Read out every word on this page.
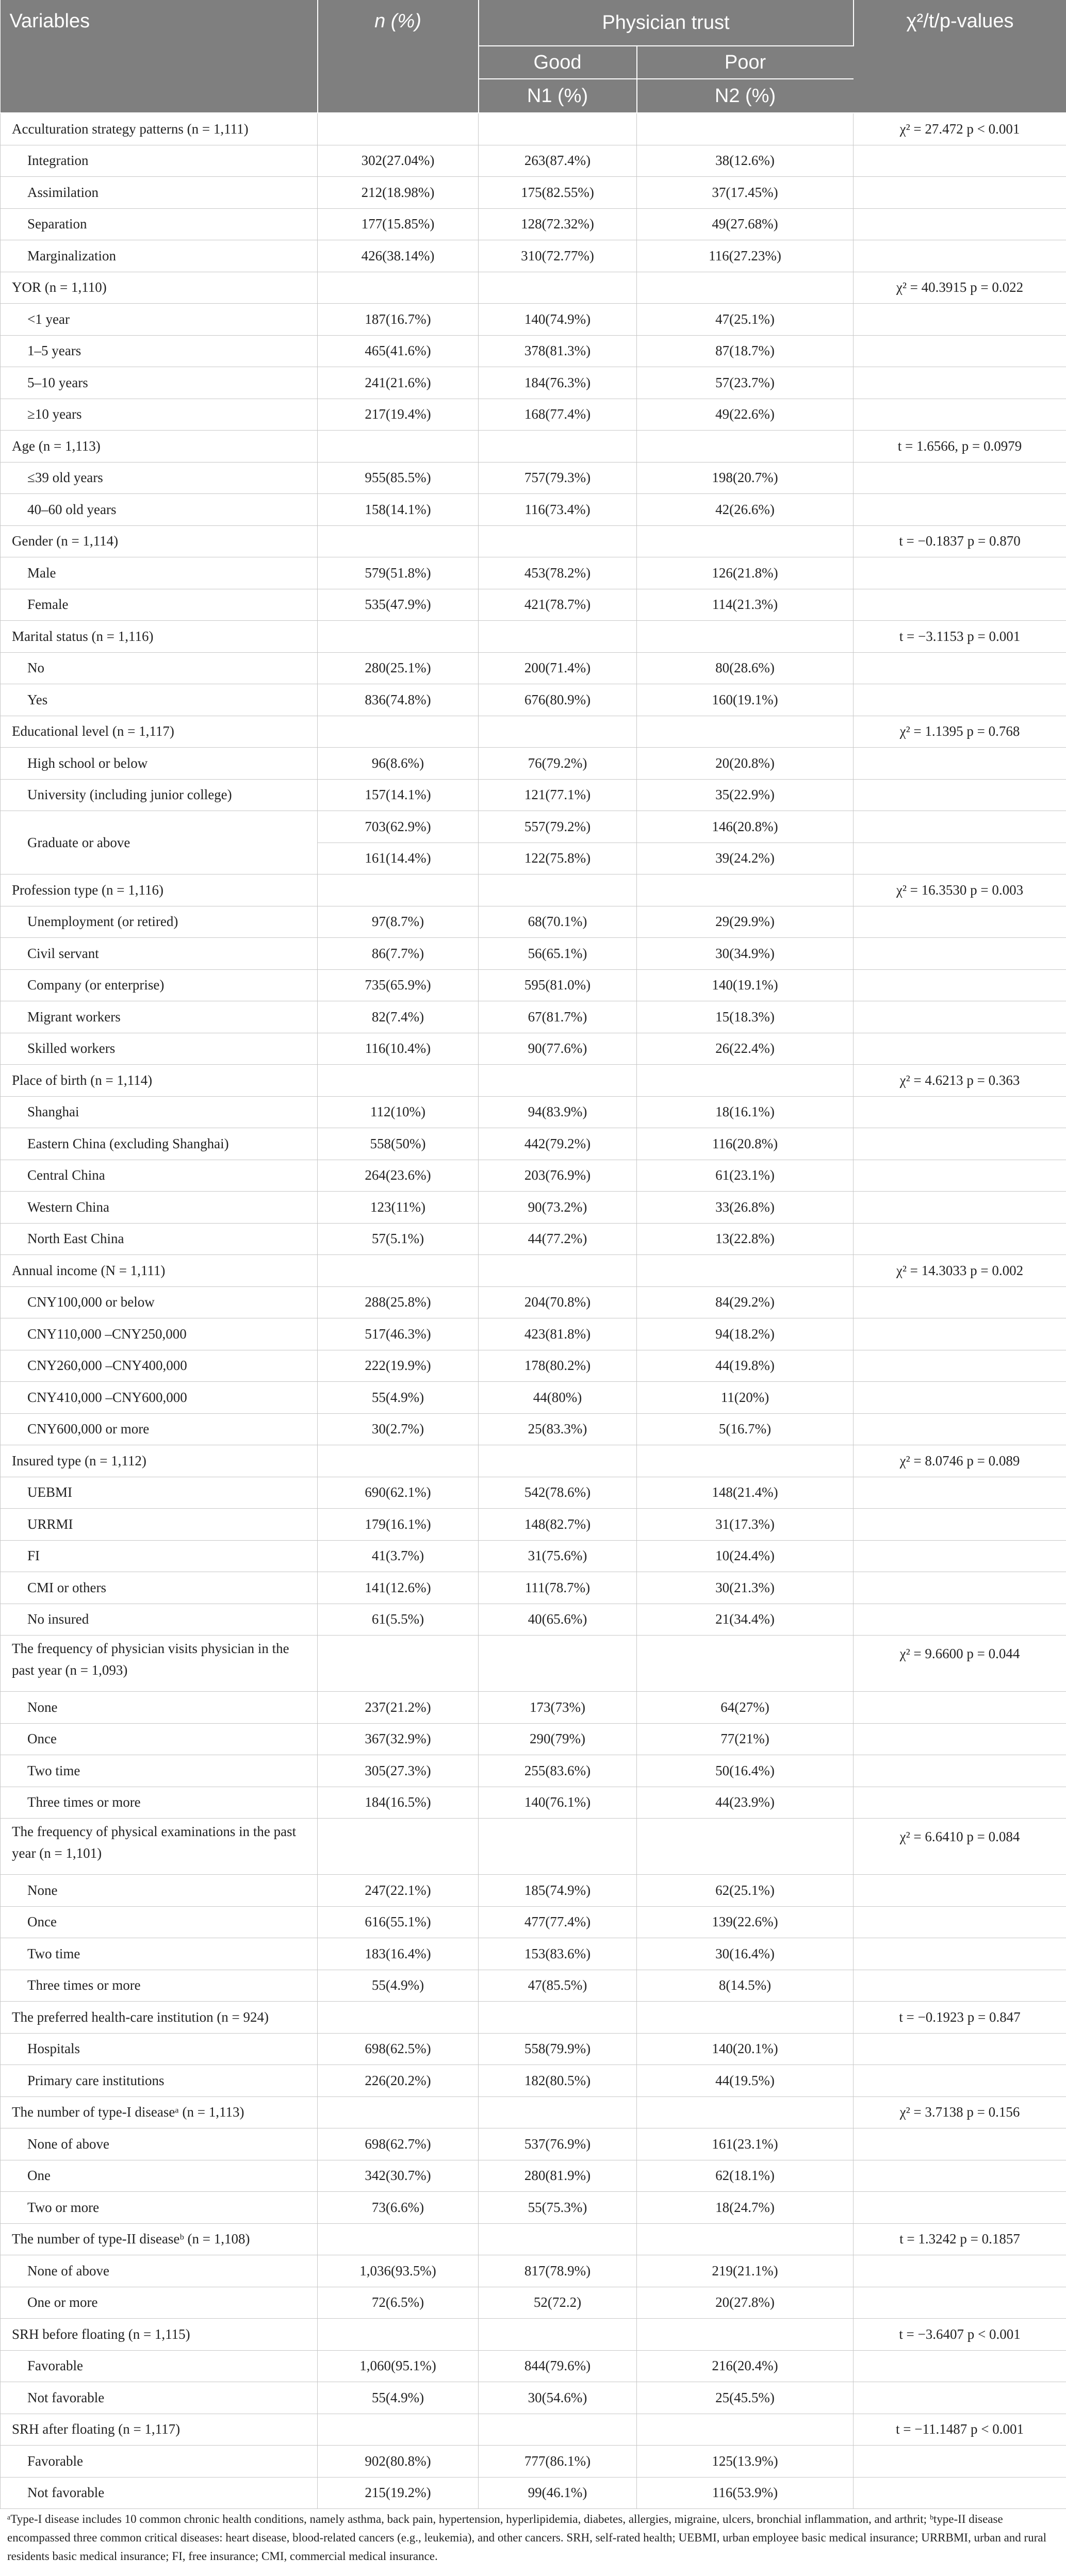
Variables	n (%)	Physician trust		χ²/t/p-values
		Good	Poor	
		N1 (%)	N2 (%)	
Acculturation strategy patterns (n = 1,111)				χ² = 27.472 p < 0.001
Integration	302(27.04%)	263(87.4%)	38(12.6%)	
Assimilation	212(18.98%)	175(82.55%)	37(17.45%)	
Separation	177(15.85%)	128(72.32%)	49(27.68%)	
Marginalization	426(38.14%)	310(72.77%)	116(27.23%)	
YOR (n = 1,110)				χ² = 40.3915 p = 0.022
<1 year	187(16.7%)	140(74.9%)	47(25.1%)	
1–5 years	465(41.6%)	378(81.3%)	87(18.7%)	
5–10 years	241(21.6%)	184(76.3%)	57(23.7%)	
≥10 years	217(19.4%)	168(77.4%)	49(22.6%)	
Age (n = 1,113)				t = 1.6566, p = 0.0979
≤39 old years	955(85.5%)	757(79.3%)	198(20.7%)	
40–60 old years	158(14.1%)	116(73.4%)	42(26.6%)	
Gender (n = 1,114)				t = −0.1837 p = 0.870
Male	579(51.8%)	453(78.2%)	126(21.8%)	
Female	535(47.9%)	421(78.7%)	114(21.3%)	
Marital status (n = 1,116)				t = −3.1153 p = 0.001
No	280(25.1%)	200(71.4%)	80(28.6%)	
Yes	836(74.8%)	676(80.9%)	160(19.1%)	
Educational level (n = 1,117)				χ² = 1.1395 p = 0.768
High school or below	96(8.6%)	76(79.2%)	20(20.8%)	
University (including junior college)	157(14.1%)	121(77.1%)	35(22.9%)	
Graduate or above	703(62.9%)	557(79.2%)	146(20.8%)	
	161(14.4%)	122(75.8%)	39(24.2%)	
Profession type (n = 1,116)				χ² = 16.3530 p = 0.003
Unemployment (or retired)	97(8.7%)	68(70.1%)	29(29.9%)	
Civil servant	86(7.7%)	56(65.1%)	30(34.9%)	
Company (or enterprise)	735(65.9%)	595(81.0%)	140(19.1%)	
Migrant workers	82(7.4%)	67(81.7%)	15(18.3%)	
Skilled workers	116(10.4%)	90(77.6%)	26(22.4%)	
Place of birth (n = 1,114)				χ² = 4.6213 p = 0.363
Shanghai	112(10%)	94(83.9%)	18(16.1%)	
Eastern China (excluding Shanghai)	558(50%)	442(79.2%)	116(20.8%)	
Central China	264(23.6%)	203(76.9%)	61(23.1%)	
Western China	123(11%)	90(73.2%)	33(26.8%)	
North East China	57(5.1%)	44(77.2%)	13(22.8%)	
Annual income (N = 1,111)				χ² = 14.3033 p = 0.002
CNY100,000 or below	288(25.8%)	204(70.8%)	84(29.2%)	
CNY110,000 –CNY250,000	517(46.3%)	423(81.8%)	94(18.2%)	
CNY260,000 –CNY400,000	222(19.9%)	178(80.2%)	44(19.8%)	
CNY410,000 –CNY600,000	55(4.9%)	44(80%)	11(20%)	
CNY600,000 or more	30(2.7%)	25(83.3%)	5(16.7%)	
Insured type (n = 1,112)				χ² = 8.0746 p = 0.089
UEBMI	690(62.1%)	542(78.6%)	148(21.4%)	
URRMI	179(16.1%)	148(82.7%)	31(17.3%)	
FI	41(3.7%)	31(75.6%)	10(24.4%)	
CMI or others	141(12.6%)	111(78.7%)	30(21.3%)	
No insured	61(5.5%)	40(65.6%)	21(34.4%)	
The frequency of physician visits physician in the past year (n = 1,093)				χ² = 9.6600 p = 0.044
None	237(21.2%)	173(73%)	64(27%)	
Once	367(32.9%)	290(79%)	77(21%)	
Two time	305(27.3%)	255(83.6%)	50(16.4%)	
Three times or more	184(16.5%)	140(76.1%)	44(23.9%)	
The frequency of physical examinations in the past year (n = 1,101)				χ² = 6.6410 p = 0.084
None	247(22.1%)	185(74.9%)	62(25.1%)	
Once	616(55.1%)	477(77.4%)	139(22.6%)	
Two time	183(16.4%)	153(83.6%)	30(16.4%)	
Three times or more	55(4.9%)	47(85.5%)	8(14.5%)	
The preferred health-care institution (n = 924)				t = −0.1923 p = 0.847
Hospitals	698(62.5%)	558(79.9%)	140(20.1%)	
Primary care institutions	226(20.2%)	182(80.5%)	44(19.5%)	
The number of type-I diseaseᵃ (n = 1,113)				χ² = 3.7138 p = 0.156
None of above	698(62.7%)	537(76.9%)	161(23.1%)	
One	342(30.7%)	280(81.9%)	62(18.1%)	
Two or more	73(6.6%)	55(75.3%)	18(24.7%)	
The number of type-II diseaseᵇ (n = 1,108)				t = 1.3242 p = 0.1857
None of above	1,036(93.5%)	817(78.9%)	219(21.1%)	
One or more	72(6.5%)	52(72.2)	20(27.8%)	
SRH before floating (n = 1,115)				t = −3.6407 p < 0.001
Favorable	1,060(95.1%)	844(79.6%)	216(20.4%)	
Not favorable	55(4.9%)	30(54.6%)	25(45.5%)	
SRH after floating (n = 1,117)				t = −11.1487 p < 0.001
Favorable	902(80.8%)	777(86.1%)	125(13.9%)	
Not favorable	215(19.2%)	99(46.1%)	116(53.9%)	
ᵃType-I disease includes 10 common chronic health conditions, namely asthma, back pain, hypertension, hyperlipidemia, diabetes, allergies, migraine, ulcers, bronchial inflammation, and arthrit; ᵇtype-II disease encompassed three common critical diseases: heart disease, blood-related cancers (e.g., leukemia), and other cancers. SRH, self-rated health; UEBMI, urban employee basic medical insurance; URRBMI, urban and rural residents basic medical insurance; FI, free insurance; CMI, commercial medical insurance.
